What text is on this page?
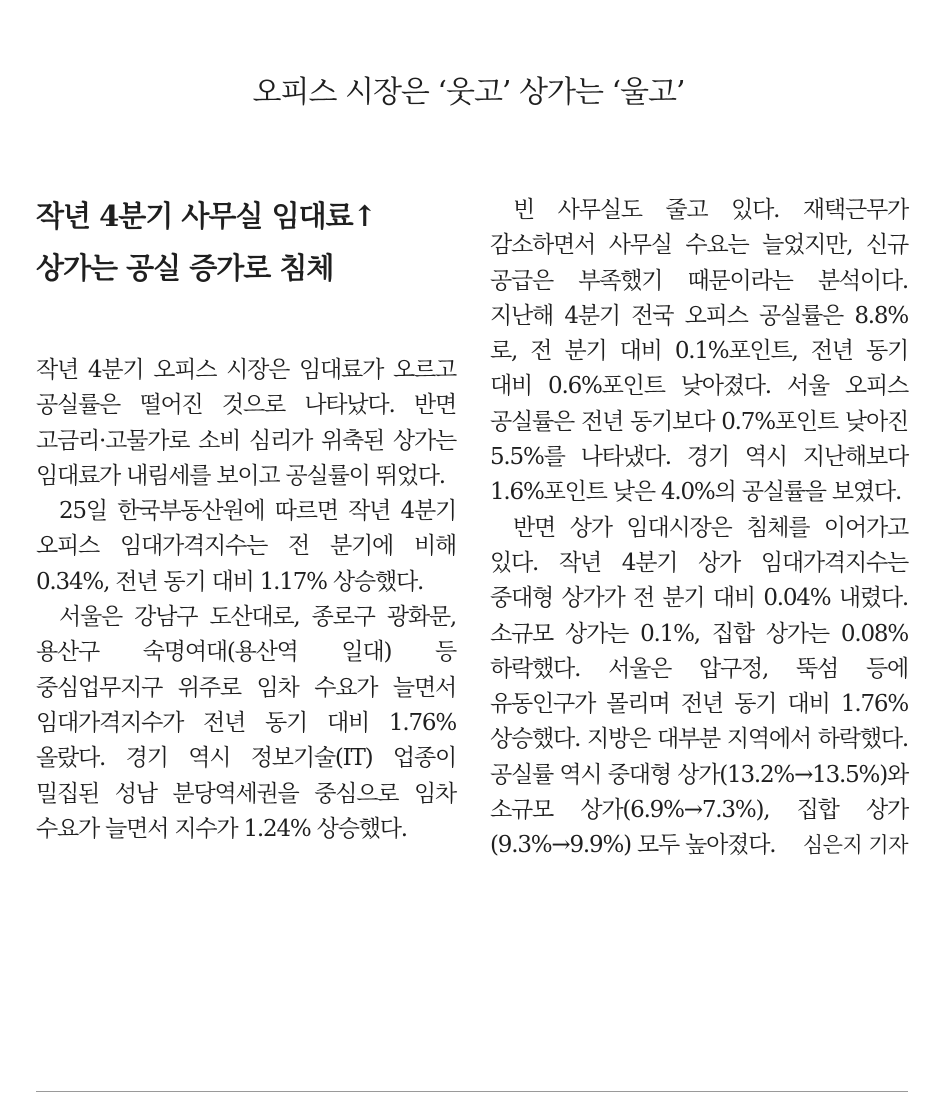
오피스 시장은 ‘웃고’ 상가는 ‘울고’
작년 4분기 사무실 임대료↑
상가는 공실 증가로 침체

작년 4분기 오피스 시장은 임대료가 오르고 공실률은 떨어진 것으로 나타났다. 반면 고금리·고물가로 소비 심리가 위축된 상가는 임대료가 내림세를 보이고 공실률이 뛰었다.

25일 한국부동산원에 따르면 작년 4분기 오피스 임대가격지수는 전 분기에 비해 0.34%, 전년 동기 대비 1.17% 상승했다.

서울은 강남구 도산대로, 종로구 광화문, 용산구 숙명여대(용산역 일대) 등 중심업무지구 위주로 임차 수요가 늘면서 임대가격지수가 전년 동기 대비 1.76% 올랐다. 경기 역시 정보기술(IT) 업종이 밀집된 성남 분당역세권을 중심으로 임차 수요가 늘면서 지수가 1.24% 상승했다.

빈 사무실도 줄고 있다. 재택근무가 감소하면서 사무실 수요는 늘었지만, 신규 공급은 부족했기 때문이라는 분석이다. 지난해 4분기 전국 오피스 공실률은 8.8%로, 전 분기 대비 0.1%포인트, 전년 동기 대비 0.6%포인트 낮아졌다. 서울 오피스 공실률은 전년 동기보다 0.7%포인트 낮아진 5.5%를 나타냈다. 경기 역시 지난해보다 1.6%포인트 낮은 4.0%의 공실률을 보였다.

반면 상가 임대시장은 침체를 이어가고 있다. 작년 4분기 상가 임대가격지수는 중대형 상가가 전 분기 대비 0.04% 내렸다. 소규모 상가는 0.1%, 집합 상가는 0.08% 하락했다. 서울은 압구정, 뚝섬 등에 유동인구가 몰리며 전년 동기 대비 1.76% 상승했다. 지방은 대부분 지역에서 하락했다. 공실률 역시 중대형 상가(13.2%→13.5%)와 소규모 상가(6.9%→7.3%), 집합 상가(9.3%→9.9%) 모두 높아졌다. 심은지 기자
